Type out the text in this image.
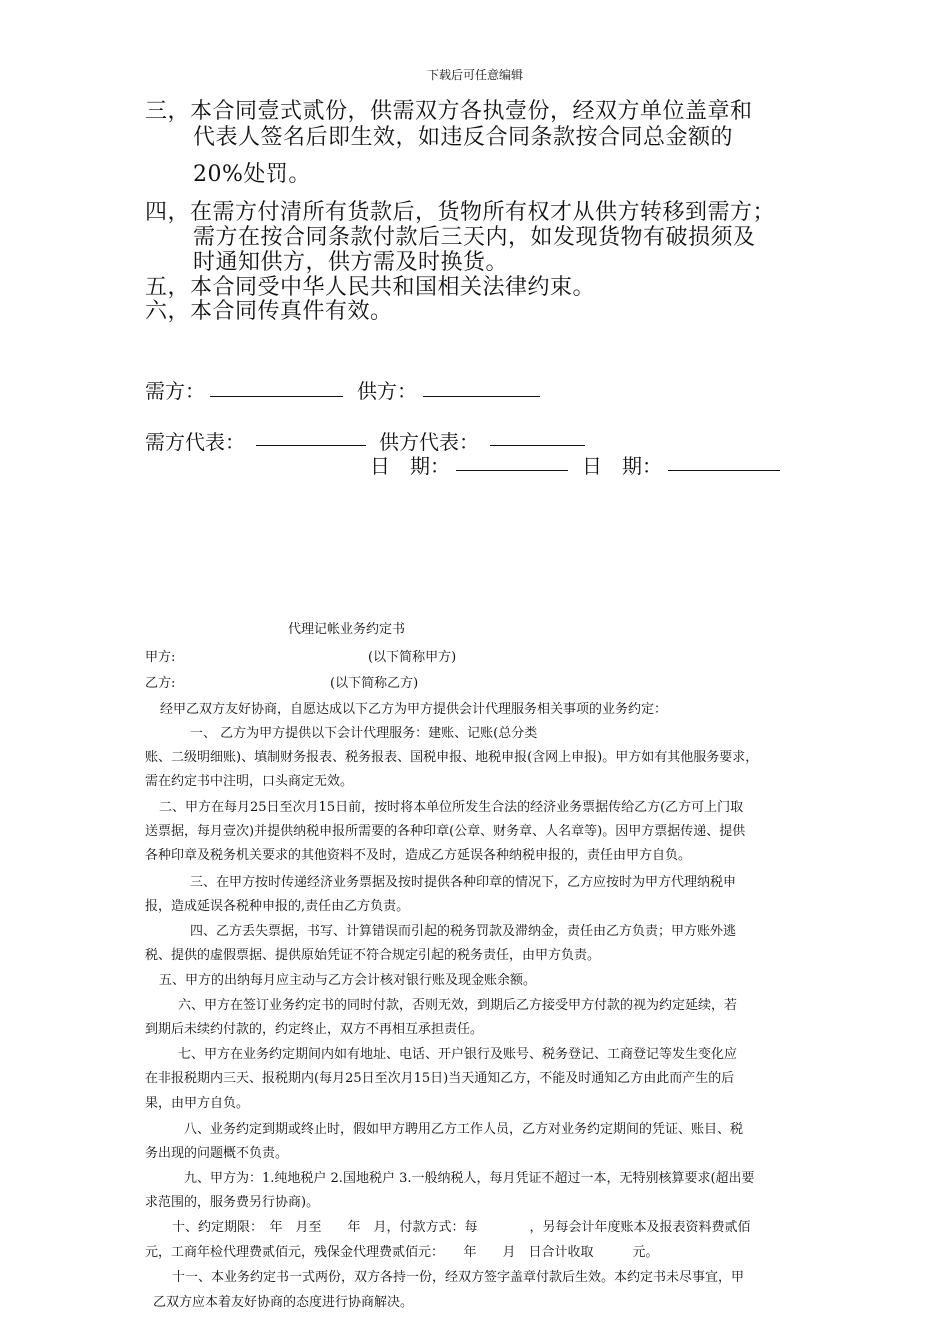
下载后可任意编辑
三，本合同壹式贰份，供需双方各执壹份，经双方单位盖章和
代表人签名后即生效，如违反合同条款按合同总金额的
20%处罚。
四，在需方付清所有货款后，货物所有权才从供方转移到需方；
需方在按合同条款付款后三天内，如发现货物有破损须及
时通知供方，供方需及时换货。
五，本合同受中华人民共和国相关法律约束。
六，本合同传真件有效。
需方：	供方：
需方代表：	供方代表：
日　期：	日　期：
代理记帐业务约定书
甲方:	(以下简称甲方)
乙方:	(以下简称乙方)
经甲乙双方友好协商，自愿达成以下乙方为甲方提供会计代理服务相关事项的业务约定：
一、 乙方为甲方提供以下会计代理服务：建账、记账(总分类
账、二级明细账)、填制财务报表、税务报表、国税申报、地税申报(含网上申报)。甲方如有其他服务要求，
需在约定书中注明，口头商定无效。
二、甲方在每月25日至次月15日前，按时将本单位所发生合法的经济业务票据传给乙方(乙方可上门取
送票据，每月壹次)并提供纳税申报所需要的各种印章(公章、财务章、人名章等)。因甲方票据传递、提供
各种印章及税务机关要求的其他资料不及时，造成乙方延误各种纳税申报的，责任由甲方自负。
三、在甲方按时传递经济业务票据及按时提供各种印章的情况下，乙方应按时为甲方代理纳税申
报，造成延误各税种申报的,责任由乙方负责。
四、乙方丢失票据，书写、计算错误而引起的税务罚款及滞纳金，责任由乙方负责；甲方账外逃
税、提供的虚假票据、提供原始凭证不符合规定引起的税务责任，由甲方负责。
五、甲方的出纳每月应主动与乙方会计核对银行账及现金账余额。
六、甲方在签订业务约定书的同时付款，否则无效，到期后乙方接受甲方付款的视为约定延续，若
到期后未续约付款的，约定终止，双方不再相互承担责任。
七、甲方在业务约定期间内如有地址、电话、开户银行及账号、税务登记、工商登记等发生变化应
在非报税期内三天、报税期内(每月25日至次月15日)当天通知乙方，不能及时通知乙方由此而产生的后
果，由甲方自负。
八、业务约定到期或终止时，假如甲方聘用乙方工作人员，乙方对业务约定期间的凭证、账目、税
务出现的问题概不负责。
九、甲方为：1.纯地税户 2.国地税户 3.一般纳税人，每月凭证不超过一本，无特别核算要求(超出要
求范围的，服务费另行协商)。
十、约定期限：　年　月至　　年　月，付款方式：每　　　　，另每会计年度账本及报表资料费贰佰
元，工商年检代理费贰佰元，残保金代理费贰佰元：　　年　　月　日合计收取　　　元。
十一、本业务约定书一式两份，双方各持一份，经双方签字盖章付款后生效。本约定书未尽事宜，甲
乙双方应本着友好协商的态度进行协商解决。
